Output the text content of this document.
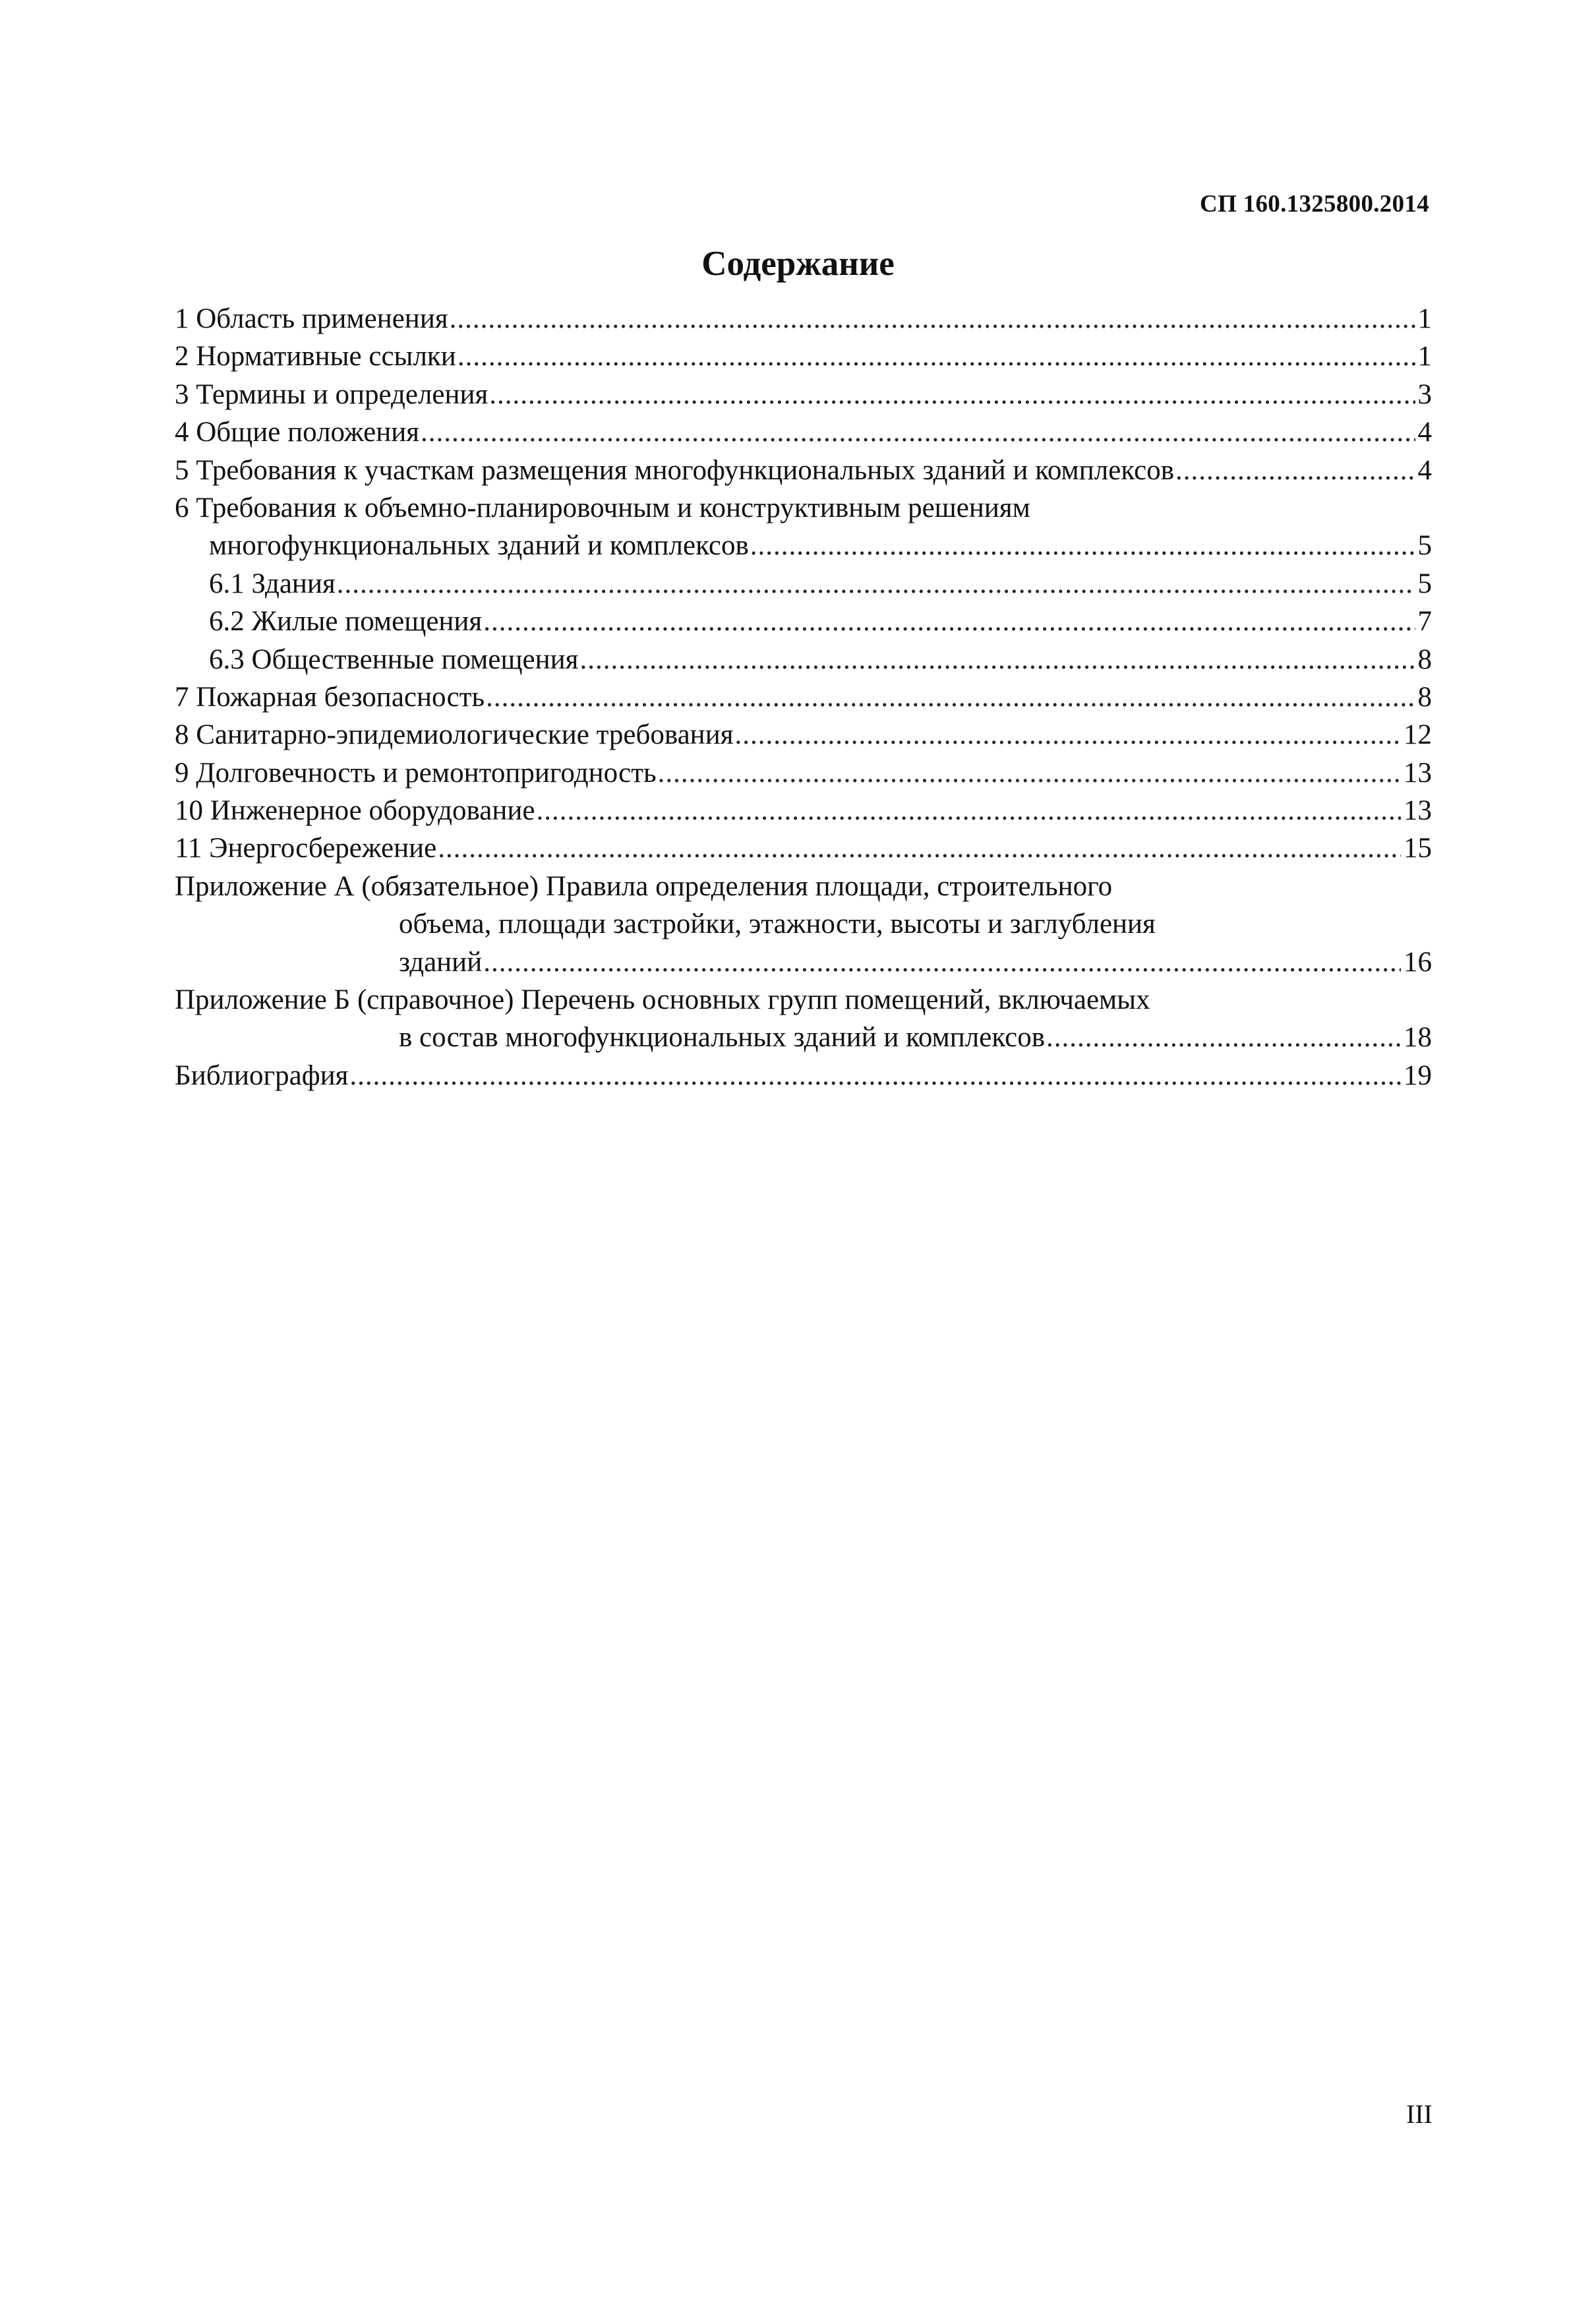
СП 160.1325800.2014
Содержание
1 Область применения .....	1
2 Нормативные ссылки .....	1
3 Термины и определения .....	3
4 Общие положения .....	4
5 Требования к участкам размещения многофункциональных зданий и комплексов .....	4
6 Требования к объемно-планировочным и конструктивным решениям
многофункциональных зданий и комплексов .....	5
6.1 Здания .....	5
6.2 Жилые помещения .....	7
6.3 Общественные помещения .....	8
7 Пожарная безопасность .....	8
8 Санитарно-эпидемиологические требования .....	12
9 Долговечность и ремонтопригодность .....	13
10 Инженерное оборудование .....	13
11 Энергосбережение .....	15
Приложение А (обязательное) Правила определения площади, строительного
объема, площади застройки, этажности, высоты и заглубления
зданий .....	16
Приложение Б (справочное) Перечень основных групп помещений, включаемых
в состав многофункциональных зданий и комплексов .....	18
Библиография .....	19
III
